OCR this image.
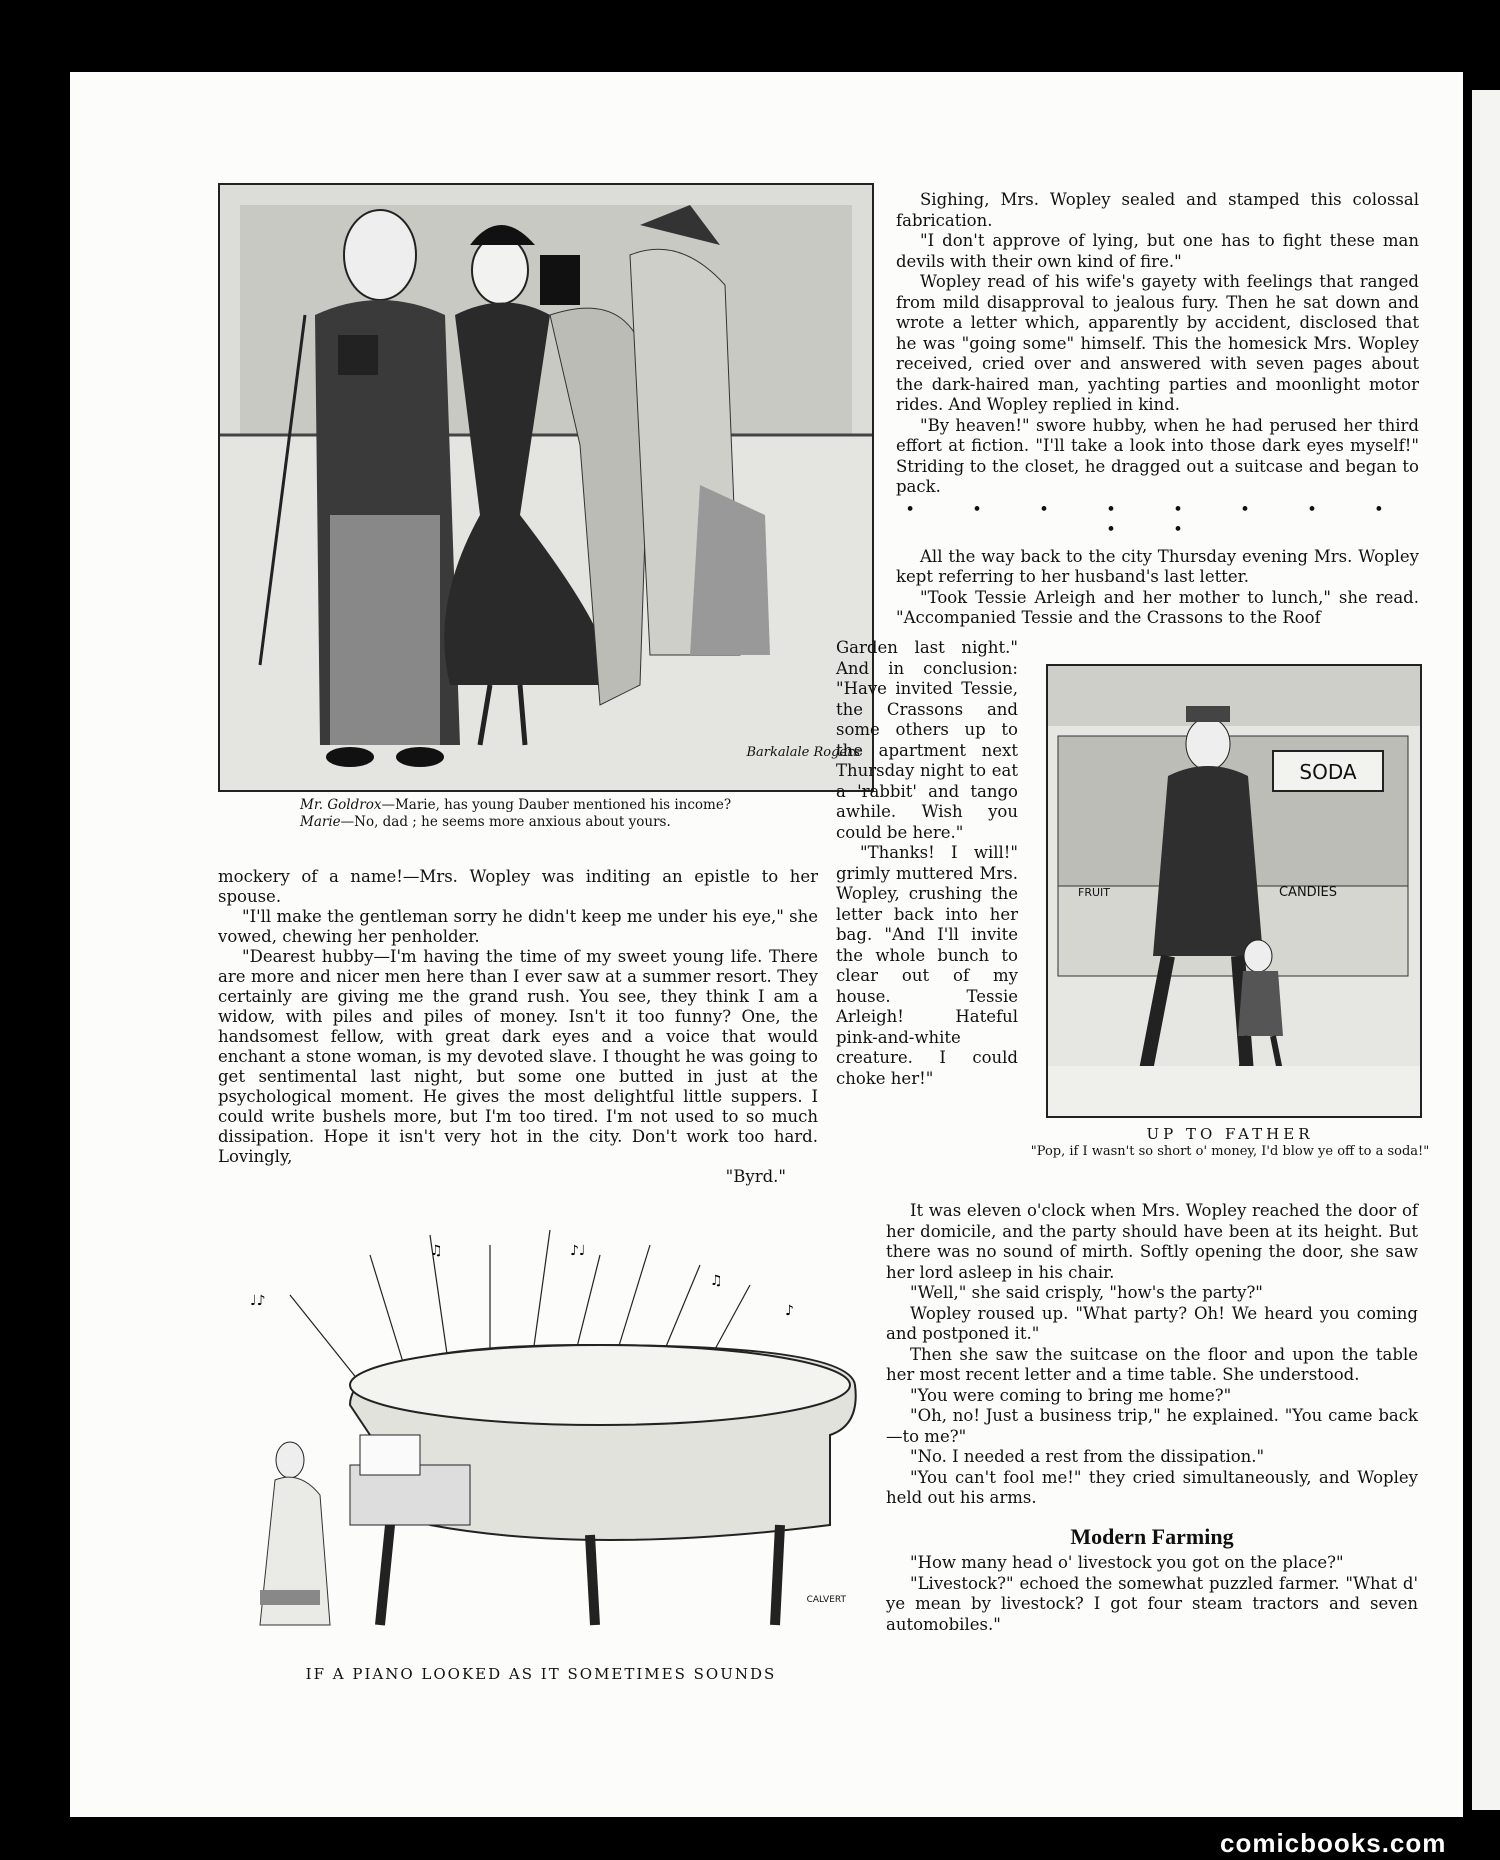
Barkalale Rogers
Mr. Goldrox—Marie, has young Dauber mentioned his income?
Marie—No, dad ; he seems more anxious about yours.

mockery of a name!—Mrs. Wopley was inditing an epistle to her spouse.

"I'll make the gentleman sorry he didn't keep me under his eye," she vowed, chewing her penholder.

"Dearest hubby—I'm having the time of my sweet young life. There are more and nicer men here than I ever saw at a summer resort. They certainly are giving me the grand rush. You see, they think I am a widow, with piles and piles of money. Isn't it too funny? One, the handsomest fellow, with great dark eyes and a voice that would enchant a stone woman, is my devoted slave. I thought he was going to get sentimental last night, but some one butted in just at the psychological moment. He gives the most delightful little suppers. I could write bushels more, but I'm too tired. I'm not used to so much dissipation. Hope it isn't very hot in the city. Don't work too hard. Lovingly,

"Byrd."

Sighing, Mrs. Wopley sealed and stamped this colossal fabrication.

"I don't approve of lying, but one has to fight these man devils with their own kind of fire."

Wopley read of his wife's gayety with feelings that ranged from mild disapproval to jealous fury. Then he sat down and wrote a letter which, apparently by accident, disclosed that he was "going some" himself. This the homesick Mrs. Wopley received, cried over and answered with seven pages about the dark-haired man, yachting parties and moonlight motor rides. And Wopley replied in kind.

"By heaven!" swore hubby, when he had perused her third effort at fiction. "I'll take a look into those dark eyes myself!" Striding to the closet, he dragged out a suitcase and began to pack.

• • • • • • • • • •

All the way back to the city Thursday evening Mrs. Wopley kept referring to her husband's last letter.

"Took Tessie Arleigh and her mother to lunch," she read. "Accompanied Tessie and the Crassons to the Roof

Garden last night." And in conclusion: "Have invited Tessie, the Crassons and some others up to the apartment next Thursday night to eat a 'rabbit' and tango awhile. Wish you could be here."

"Thanks! I will!" grimly muttered Mrs. Wopley, crushing the letter back into her bag. "And I'll invite the whole bunch to clear out of my house. Tessie Arleigh! Hateful pink-and-white creature. I could choke her!"

SODA
CANDIES
FRUIT
UP TO FATHER
"Pop, if I wasn't so short o' money, I'd blow ye off to a soda!"

It was eleven o'clock when Mrs. Wopley reached the door of her domicile, and the party should have been at its height. But there was no sound of mirth. Softly opening the door, she saw her lord asleep in his chair.

"Well," she said crisply, "how's the party?"

Wopley roused up. "What party? Oh! We heard you coming and postponed it."

Then she saw the suitcase on the floor and upon the table her most recent letter and a time table. She understood.

"You were coming to bring me home?"

"Oh, no! Just a business trip," he explained. "You came back—to me?"

"No. I needed a rest from the dissipation."

"You can't fool me!" they cried simultaneously, and Wopley held out his arms.

Modern Farming

"How many head o' livestock you got on the place?"

"Livestock?" echoed the somewhat puzzled farmer. "What d' ye mean by livestock? I got four steam tractors and seven automobiles."

♩♪
♫	♪♩
♫
♪
CALVERT
IF A PIANO LOOKED AS IT SOMETIMES SOUNDS
comicbooks.com
